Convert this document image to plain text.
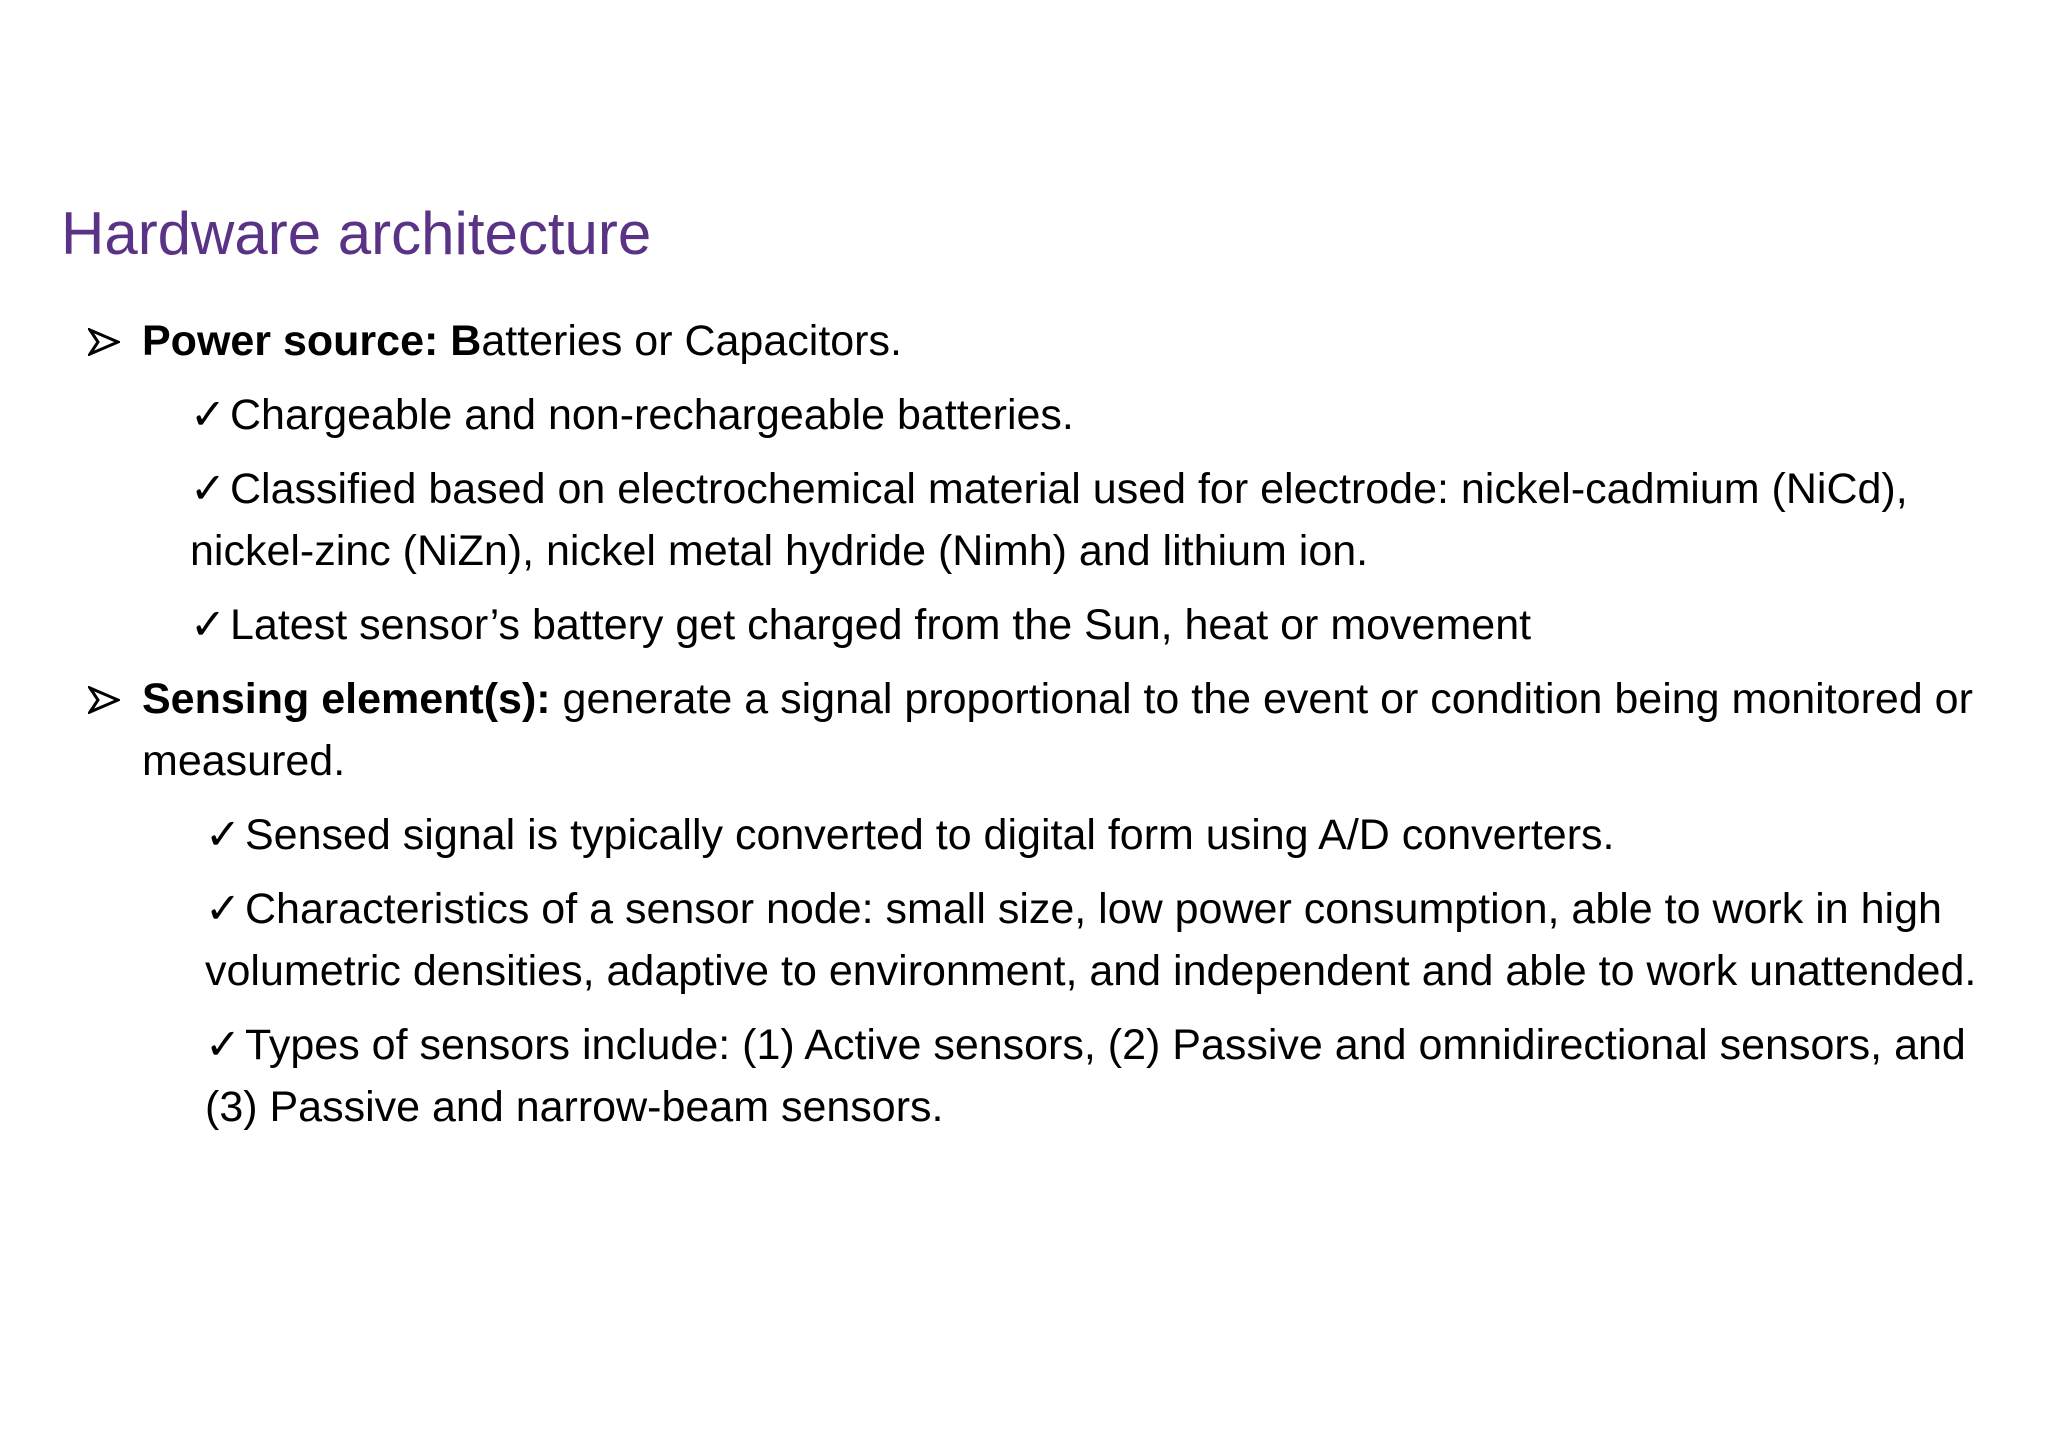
Hardware architecture
Power source: Batteries or Capacitors.
✓Chargeable and non-rechargeable batteries.
✓Classified based on electrochemical material used for electrode: nickel-cadmium (NiCd), nickel-zinc (NiZn), nickel metal hydride (Nimh) and lithium ion.
✓Latest sensor’s battery get charged from the Sun, heat or movement
Sensing element(s): generate a signal proportional to the event or condition being monitored or measured.
✓Sensed signal is typically converted to digital form using A/D converters.
✓Characteristics of a sensor node: small size, low power consumption, able to work in high volumetric densities, adaptive to environment, and independent and able to work unattended.
✓Types of sensors include: (1) Active sensors, (2) Passive and omnidirectional sensors, and (3) Passive and narrow-beam sensors.
